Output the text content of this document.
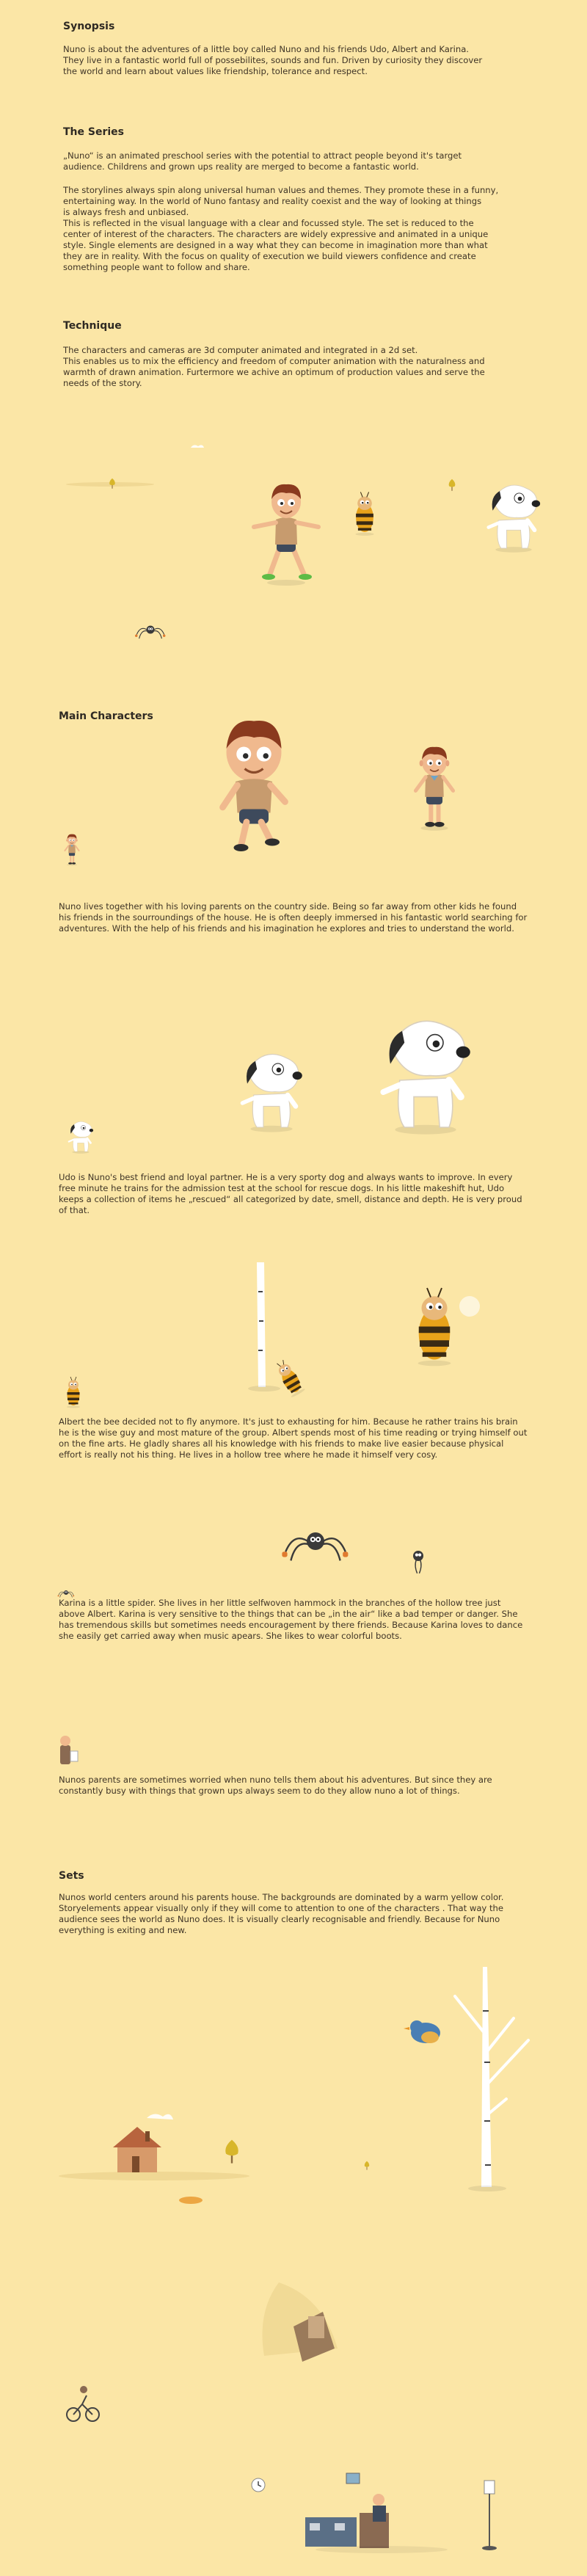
Synopsis

Nuno is about the adventures of a little boy called Nuno and his friends Udo, Albert and Karina.
They live in a fantastic world full of possebilites, sounds and fun. Driven by curiosity they discover
the world and learn about values like friendship, tolerance and respect.

The Series

„Nuno“ is an animated preschool series with the potential to attract people beyond it's target
audience. Childrens and grown ups reality are merged to become a fantastic world.

The storylines always spin along universal human values and themes. They promote these in a funny,
entertaining way. In the world of Nuno fantasy and reality coexist and the way of looking at things
is always fresh and unbiased.
This is reflected in the visual language with a clear and focussed style. The set is reduced to the
center of interest of the characters. The characters are widely expressive and animated in a unique
style. Single elements are designed in a way what they can become in imagination more than what
they are in reality. With the focus on quality of execution we build viewers confidence and create
something people want to follow and share.

Technique

The characters and cameras are 3d computer animated and integrated in a 2d set.
This enables us to mix the efficiency and freedom of computer animation with the naturalness and
warmth of drawn animation. Furtermore we achive an optimum of production values and serve the
needs of the story.

Main Characters

Nuno lives together with his loving parents on the country side. Being so far away from other kids he found his friends in the sourroundings of the house. He is often deeply immersed in his fantastic world searching for adventures. With the help of his friends and his imagination he explores and tries to understand the world.

Udo is Nuno's best friend and loyal partner. He is a very sporty dog and always wants to improve. In every free minute he trains for the admission test at the school for rescue dogs. In his little makeshift hut, Udo keeps a collection of items he „rescued“ all categorized by date, smell, distance and depth. He is very proud of that.

Albert the bee decided not to fly anymore. It's just to exhausting for him. Because he rather trains his brain he is the wise guy and most mature of the group. Albert spends most of his time reading or trying himself out on the fine arts. He gladly shares all his knowledge with his friends to make live easier because physical effort is really not his thing. He lives in a hollow tree where he made it himself very cosy.

Karina is a little spider. She lives in her little selfwoven hammock in the branches of the hollow tree just above Albert. Karina is very sensitive to the things that can be „in the air“ like a bad temper or danger. She has tremendous skills but sometimes needs encouragement by there friends. Because Karina loves to dance she easily get carried away when music apears. She likes to wear colorful boots.

Nunos parents are sometimes worried when nuno tells them about his adventures. But since they are constantly busy with things that grown ups always seem to do they allow nuno a lot of things.

Sets

Nunos world centers around his parents house. The backgrounds are dominated by a warm yellow color. Storyelements appear visually only if they will come to attention to one of the characters . That way the audience sees the world as Nuno does. It is visually clearly recognisable and friendly. Because for Nuno everything is exiting and new.
